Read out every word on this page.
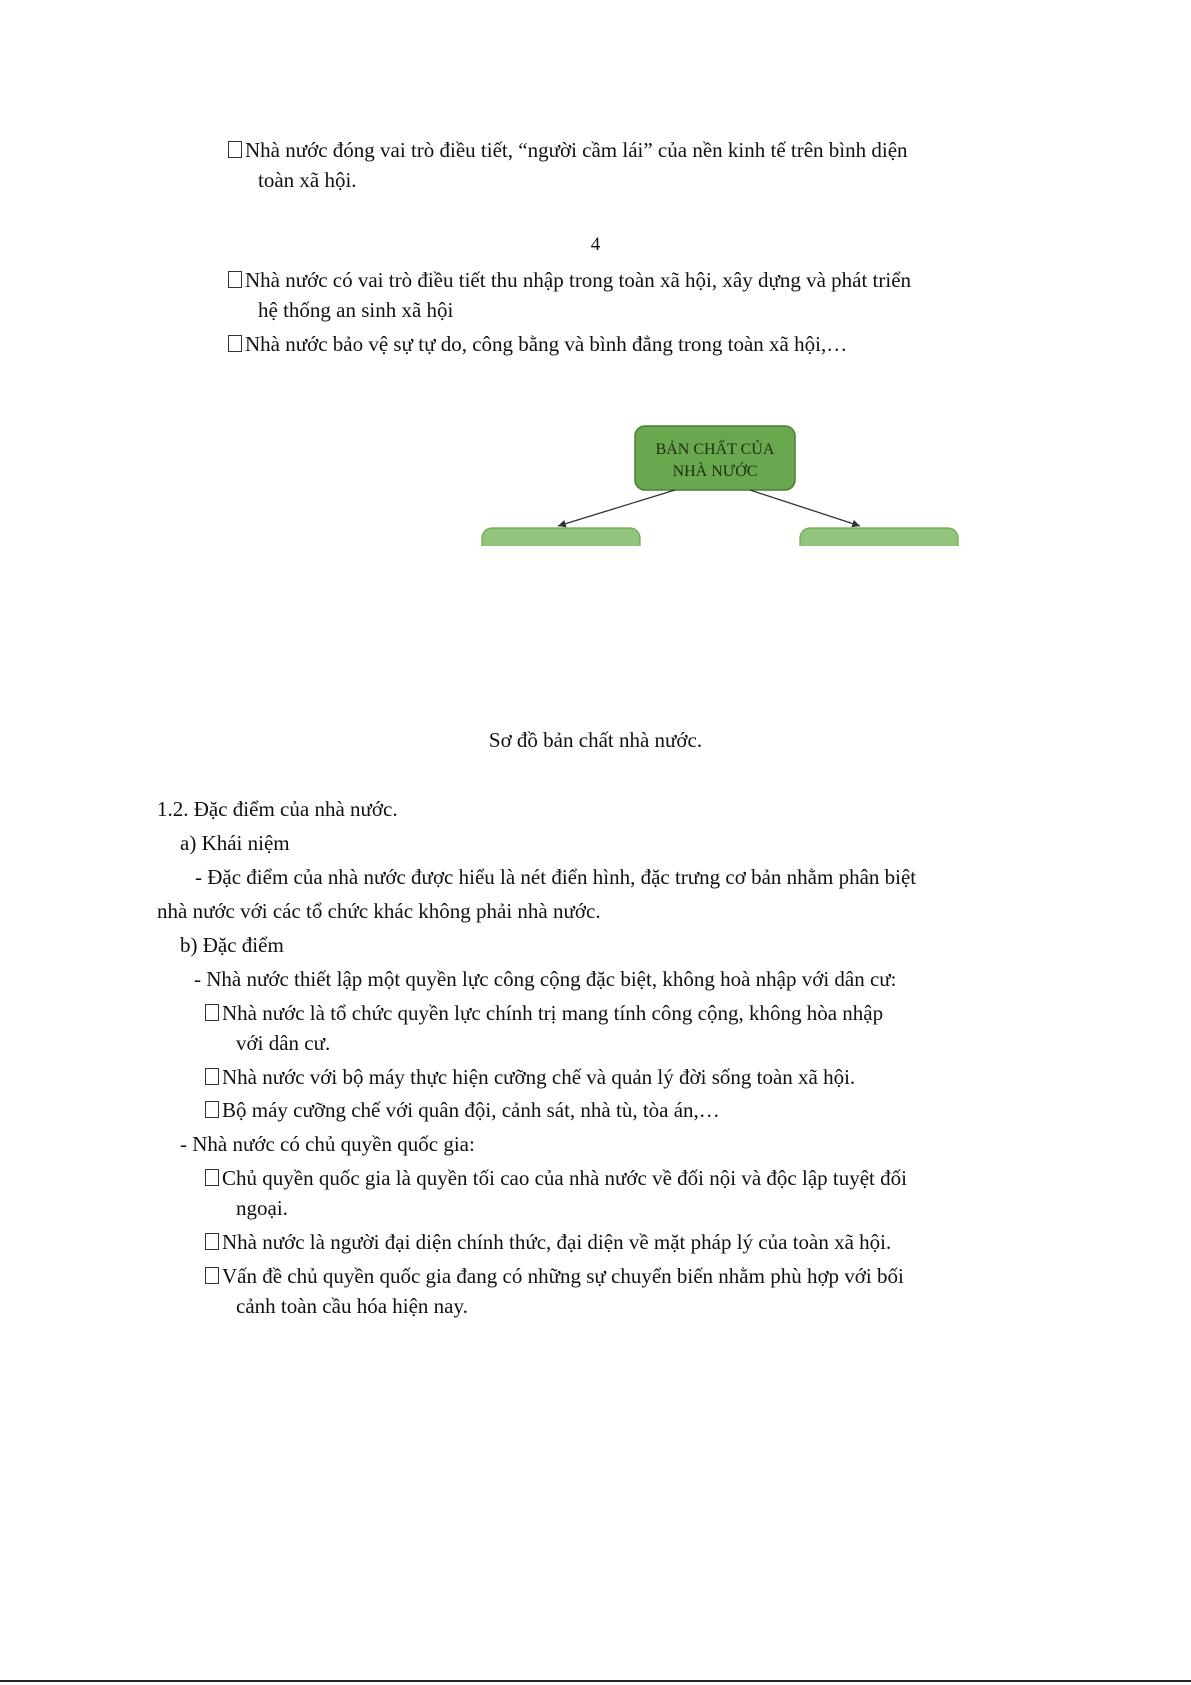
Nhà nước đóng vai trò điều tiết, “người cầm lái” của nền kinh tế trên bình diện
toàn xã hội.
4
Nhà nước có vai trò điều tiết thu nhập trong toàn xã hội, xây dựng và phát triển
hệ thống an sinh xã hội
Nhà nước bảo vệ sự tự do, công bằng và bình đẳng trong toàn xã hội,…
BẢN CHẤT CỦA
NHÀ NƯỚC
Sơ đồ bản chất nhà nước.
1.2. Đặc điểm của nhà nước.
a) Khái niệm
- Đặc điểm của nhà nước được hiểu là nét điển hình, đặc trưng cơ bản nhằm phân biệt
nhà nước với các tổ chức khác không phải nhà nước.
b) Đặc điểm
- Nhà nước thiết lập một quyền lực công cộng đặc biệt, không hoà nhập với dân cư:
Nhà nước là tổ chức quyền lực chính trị mang tính công cộng, không hòa nhập
với dân cư.
Nhà nước với bộ máy thực hiện cưỡng chế và quản lý đời sống toàn xã hội.
Bộ máy cưỡng chế với quân đội, cảnh sát, nhà tù, tòa án,…
- Nhà nước có chủ quyền quốc gia:
Chủ quyền quốc gia là quyền tối cao của nhà nước về đối nội và độc lập tuyệt đối
ngoại.
Nhà nước là người đại diện chính thức, đại diện về mặt pháp lý của toàn xã hội.
Vấn đề chủ quyền quốc gia đang có những sự chuyển biến nhằm phù hợp với bối
cảnh toàn cầu hóa hiện nay.
